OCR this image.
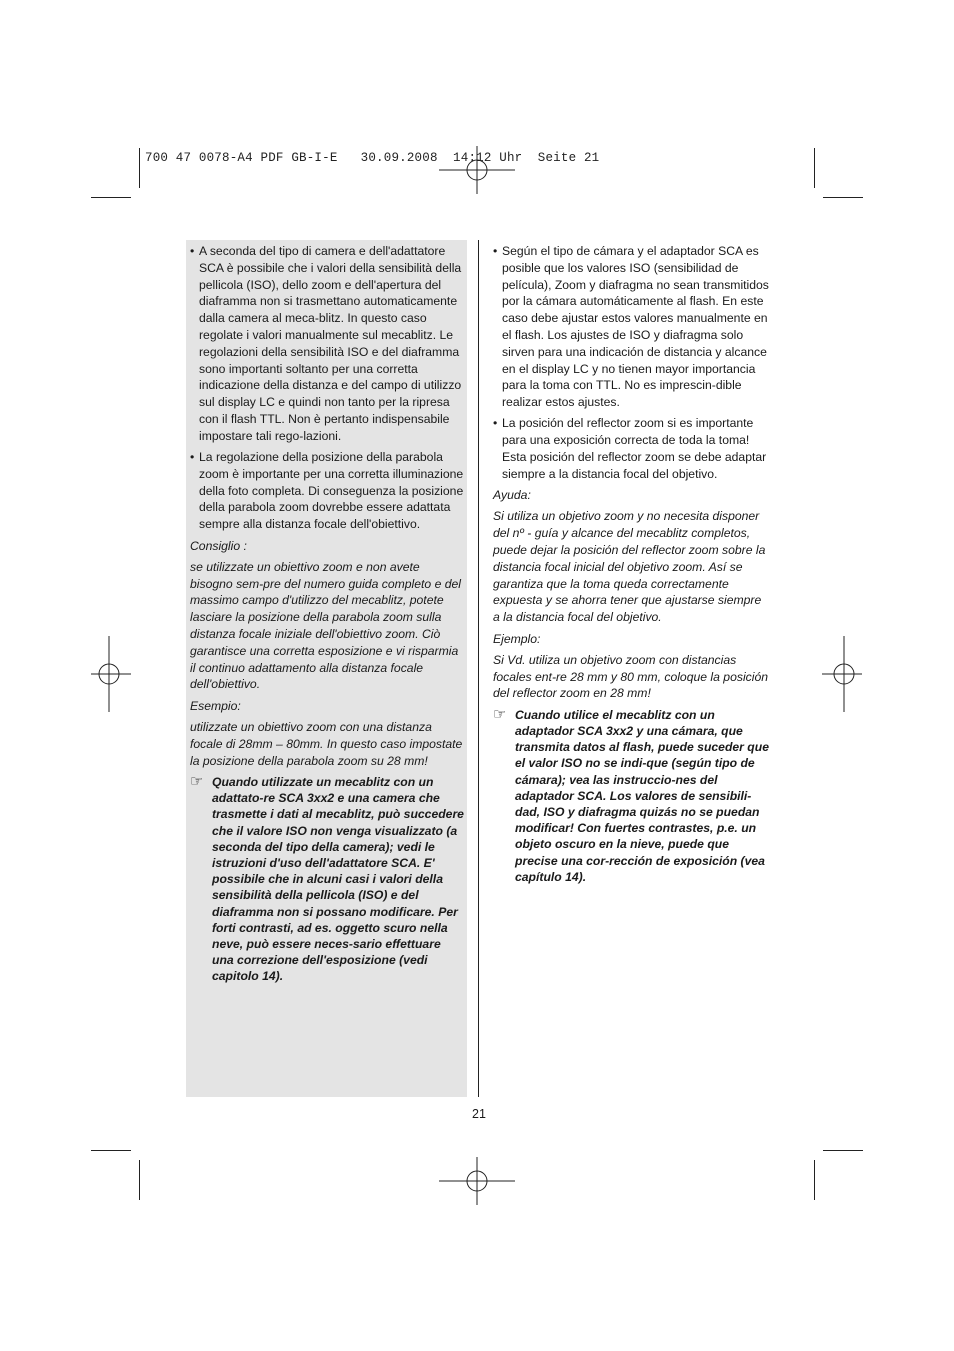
700 47 0078-A4 PDF GB-I-E   30.09.2008  14:12 Uhr  Seite 21

• A seconda del tipo di camera e dell'adattatore SCA è possibile che i valori della sensibilità della pellicola (ISO), dello zoom e dell'apertura del diaframma non si trasmettano automaticamente dalla camera al meca-blitz. In questo caso regolate i valori manualmente sul mecablitz. Le regolazioni della sensibilità ISO e del diaframma sono importanti soltanto per una corretta indicazione della distanza e del campo di utilizzo sul display LC e quindi non tanto per la ripresa con il flash TTL. Non è pertanto indispensabile impostare tali rego-lazioni.

• La regolazione della posizione della parabola zoom è importante per una corretta illuminazione della foto completa. Di conseguenza la posizione della parabola zoom dovrebbe essere adattata sempre alla distanza focale dell'obiettivo.

Consiglio :

se utilizzate un obiettivo zoom e non avete bisogno sem-pre del numero guida completo e del massimo campo d'utilizzo del mecablitz, potete lasciare la posizione della parabola zoom sulla distanza focale iniziale dell'obiettivo zoom. Ciò garantisce una corretta esposizione e vi risparmia il continuo adattamento alla distanza focale dell'obiettivo.

Esempio:

utilizzate un obiettivo zoom con una distanza focale di 28mm – 80mm. In questo caso impostate la posizione della parabola zoom su 28 mm!

☞ Quando utilizzate un mecablitz con un adattato-re SCA 3xx2 e una camera che trasmette i dati al mecablitz, può succedere che il valore ISO non venga visualizzato (a seconda del tipo della camera); vedi le istruzioni d'uso dell'adattatore SCA. E' possibile che in alcuni casi i valori della sensibilità della pellicola (ISO) e del diaframma non si possano modificare. Per forti contrasti, ad es. oggetto scuro nella neve, può essere neces-sario effettuare una correzione dell'esposizione (vedi capitolo 14).

• Según el tipo de cámara y el adaptador SCA es posible que los valores ISO (sensibilidad de película), Zoom y diafragma no sean transmitidos por la cámara automáticamente al flash. En este caso debe ajustar estos valores manualmente en el flash. Los ajustes de ISO y diafragma solo sirven para una indicación de distancia y alcance en el display LC y no tienen mayor importancia para la toma con TTL. No es imprescin-dible realizar estos ajustes.

• La posición del reflector zoom si es importante para una exposición correcta de toda la toma! Esta posición del reflector zoom se debe adaptar siempre a la distancia focal del objetivo.

Ayuda:

Si utiliza un objetivo zoom y no necesita disponer del nº - guía y alcance del mecablitz completos, puede dejar la posición del reflector zoom sobre la distancia focal inicial del objetivo zoom. Así se garantiza que la toma queda correctamente expuesta y se ahorra tener que ajustarse siempre a la distancia focal del objetivo.

Ejemplo:

Si Vd. utiliza un objetivo zoom con distancias focales ent-re 28 mm y 80 mm, coloque la posición del reflector zoom en 28 mm!

☞ Cuando utilice el mecablitz con un adaptador SCA 3xx2 y una cámara, que transmita datos al flash, puede suceder que el valor ISO no se indi-que (según tipo de cámara); vea las instruccio-nes del adaptador SCA. Los valores de sensibili-dad, ISO y diafragma quizás no se puedan modificar! Con fuertes contrastes, p.e. un objeto oscuro en la nieve, puede que precise una cor-rección de exposición (vea capítulo 14).

21
